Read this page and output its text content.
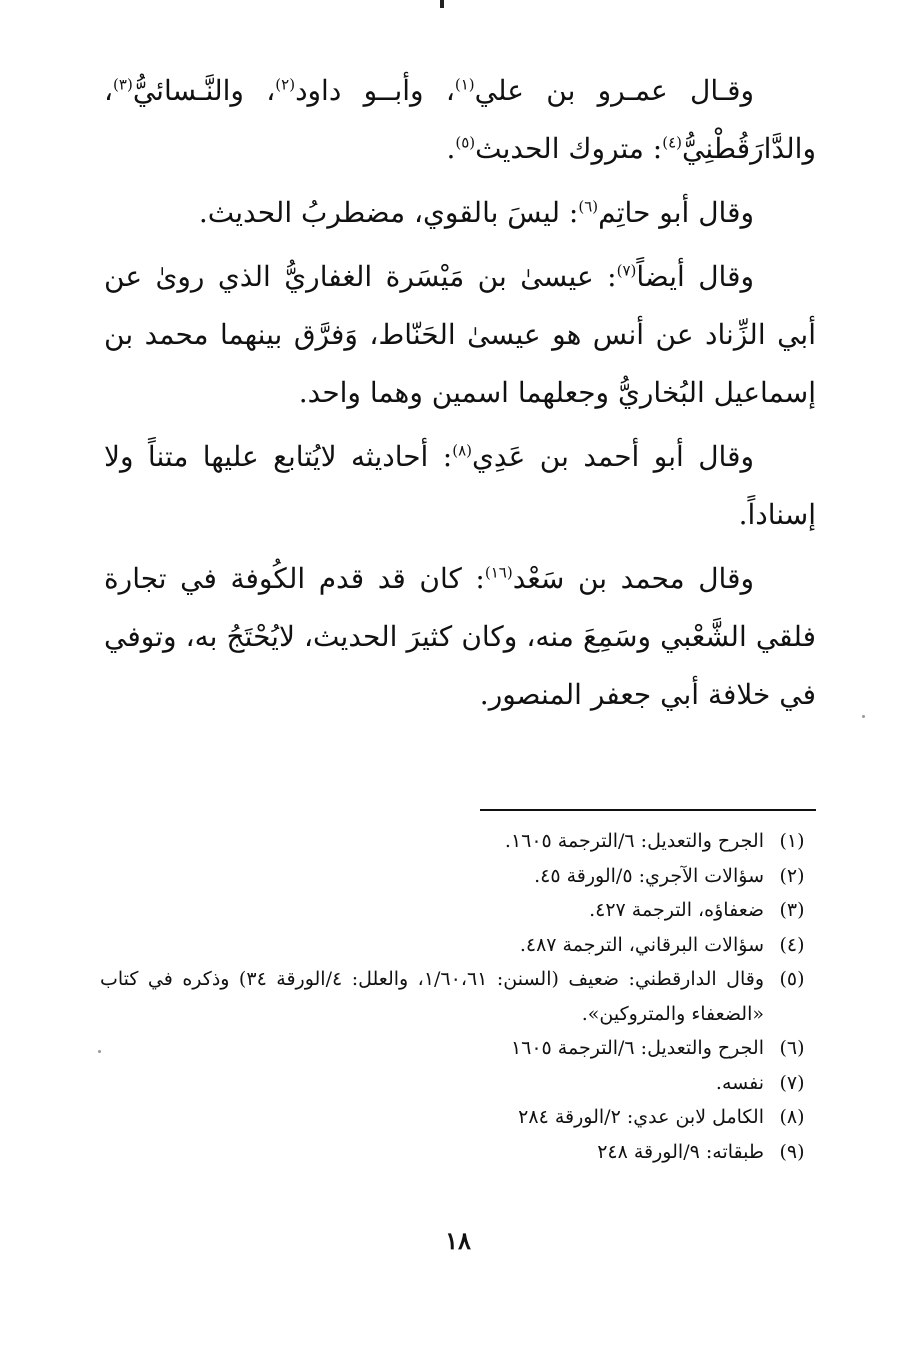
وقـال عمـرو بن علي$^{(١)}$، وأبــو داود$^{(٢)}$، والنَّـسائيُّ$^{(٣)}$، والدَّارَقُطْنِيُّ$^{(٤)}$: متروك الحديث$^{(٥)}$.

وقال أبو حاتِم$^{(٦)}$: ليسَ بالقوي، مضطربُ الحديث.

وقال أيضاً$^{(٧)}$: عيسىٰ بن مَيْسَرة الغفاريُّ الذي روىٰ عن أبي الزِّناد عن أنس هو عيسىٰ الحَنّاط، وَفرَّق بينهما محمد بن إسماعيل البُخاريُّ وجعلهما اسمين وهما واحد.

وقال أبو أحمد بن عَدِي$^{(٨)}$: أحاديثه لايُتابع عليها متناً ولا إسناداً.

وقال محمد بن سَعْد$^{(١٦)}$: كان قد قدم الكُوفة في تجارة فلقي الشَّعْبي وسَمِعَ منه، وكان كثيرَ الحديث، لايُحْتَجُ به، وتوفي في خلافة أبي جعفر المنصور.

(١)
الجرح والتعديل: ٦/الترجمة ١٦٠٥.
(٢)
سؤالات الآجري: ٥/الورقة ٤٥.
(٣)
ضعفاؤه، الترجمة ٤٢٧.
(٤)
سؤالات البرقاني، الترجمة ٤٨٧.
(٥)
وقال الدارقطني: ضعيف (السنن: ١/٦٠،٦١، والعلل: ٤/الورقة ٣٤) وذكره في كتاب «الضعفاء والمتروكين».
(٦)
الجرح والتعديل: ٦/الترجمة ١٦٠٥
(٧)
نفسه.
(٨)
الكامل لابن عدي: ٢/الورقة ٢٨٤
(٩)
طبقاته: ٩/الورقة ٢٤٨
١٨
